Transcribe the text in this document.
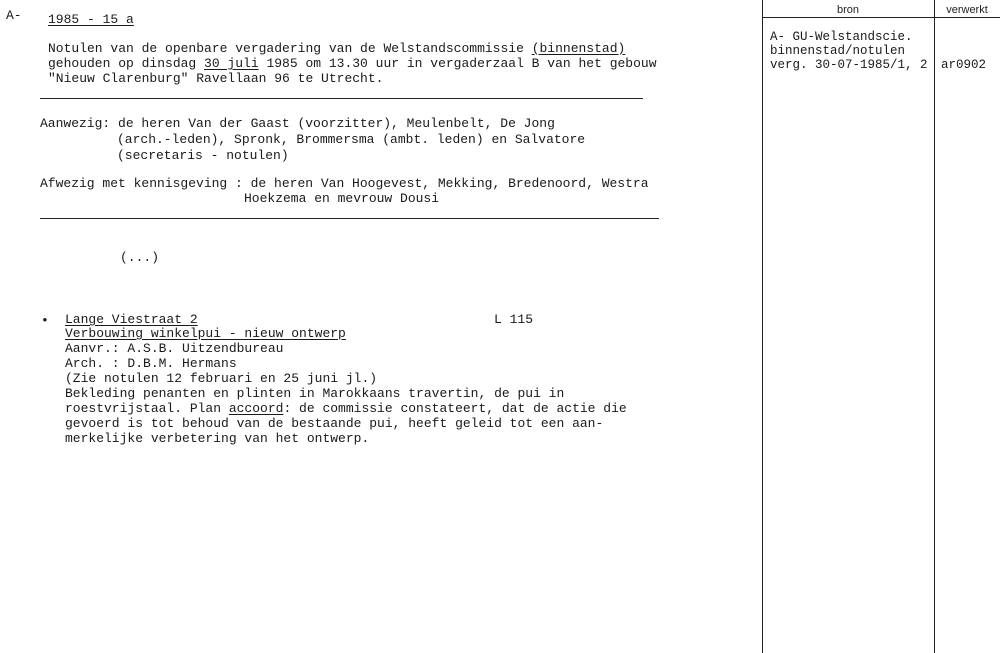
A- 1985 - 15 a
Notulen van de openbare vergadering van de Welstandscommissie (binnenstad)
gehouden op dinsdag 30 juli 1985 om 13.30 uur in vergaderzaal B van het gebouw
"Nieuw Clarenburg" Ravellaan 96 te Utrecht.
Aanwezig: de heren Van der Gaast (voorzitter), Meulenbelt, De Jong
(arch.-leden), Spronk, Brommersma (ambt. leden) en Salvatore
(secretaris - notulen)
Afwezig met kennisgeving : de heren Van Hoogevest, Mekking, Bredenoord, Westra
Hoekzema en mevrouw Dousi
(...)
• Lange Viestraat 2	L 115
Verbouwing winkelpui - nieuw ontwerp
Aanvr.: A.S.B. Uitzendbureau
Arch. : D.B.M. Hermans
(Zie notulen 12 februari en 25 juni jl.)
Bekleding penanten en plinten in Marokkaans travertin, de pui in
roestvrijstaal. Plan accoord: de commissie constateert, dat de actie die
gevoerd is tot behoud van de bestaande pui, heeft geleid tot een aan-
merkelijke verbetering van het ontwerp.
bron	verwerkt
A- GU-Welstandscie.
binnenstad/notulen
verg. 30-07-1985/1, 2 ar0902
